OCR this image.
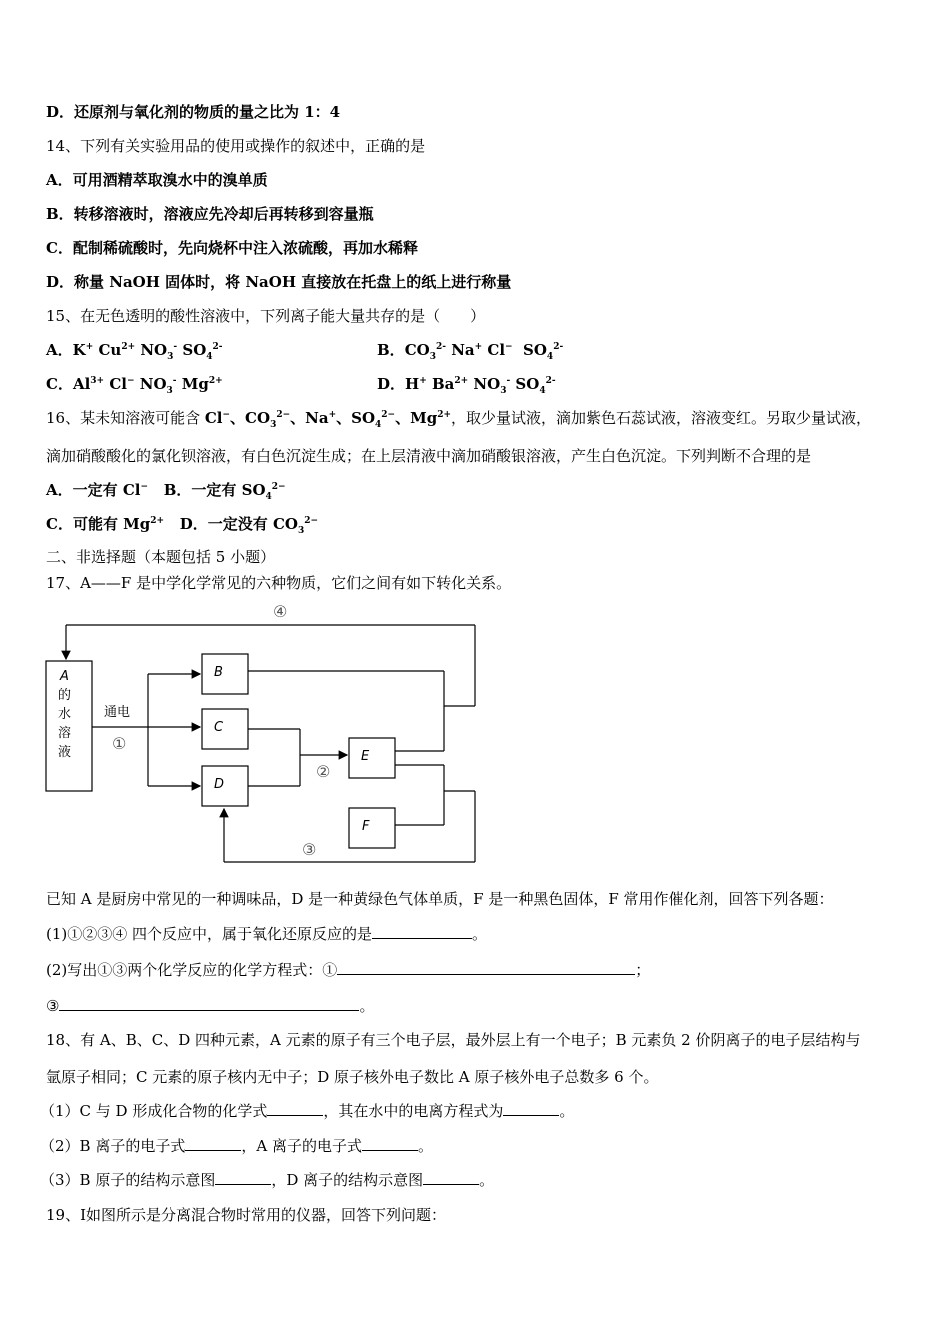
D．还原剂与氧化剂的物质的量之比为 1：4
14、下列有关实验用品的使用或操作的叙述中，正确的是
A．可用酒精萃取溴水中的溴单质
B．转移溶液时，溶液应先冷却后再转移到容量瓶
C．配制稀硫酸时，先向烧杯中注入浓硫酸，再加水稀释
D．称量 NaOH 固体时，将 NaOH 直接放在托盘上的纸上进行称量
15、在无色透明的酸性溶液中，下列离子能大量共存的是（　　）
A．K+ $Cu^{2+}$ $NO_3^-$ $SO_4^{2-}$	B．$CO_3^{2-}$ Na+ Cl−  $SO_4^{2-}$
C．$Al^{3+}$ Cl− $NO_3^-$ $Mg^{2+}$	D．H+ $Ba^{2+}$ $NO_3^-$ $SO_4^{2-}$
16、某未知溶液可能含 Cl−、$CO_3^{2-}$、Na+、$SO_4^{2-}$、$Mg^{2+}$，取少量试液，滴加紫色石蕊试液，溶液变红。另取少量试液，
滴加硝酸酸化的氯化钡溶液，有白色沉淀生成；在上层清液中滴加硝酸银溶液，产生白色沉淀。下列判断不合理的是
A．一定有 Cl− B．一定有 $SO_4^{2-}$
C．可能有 $Mg^{2+}$ D．一定没有 $CO_3^{2-}$
二、非选择题（本题包括 5 小题）
17、A——F 是中学化学常见的六种物质，它们之间有如下转化关系。
A
的
水
溶
液
B
C
D
E
F
通电
①
②
③
④
已知 A 是厨房中常见的一种调味品，D 是一种黄绿色气体单质，F 是一种黑色固体，F 常用作催化剂，回答下列各题：
(1)①②③④ 四个反应中，属于氧化还原反应的是	。
(2)写出①③两个化学反应的化学方程式：①	；
③	。
18、有 A、B、C、D 四种元素，A 元素的原子有三个电子层，最外层上有一个电子；B 元素负 2 价阴离子的电子层结构与
氩原子相同；C 元素的原子核内无中子；D 原子核外电子数比 A 原子核外电子总数多 6 个。
（1）C 与 D 形成化合物的化学式	，其在水中的电离方程式为	。
（2）B 离子的电子式	，A 离子的电子式	。
（3）B 原子的结构示意图	，D 离子的结构示意图	。
19、Ⅰ如图所示是分离混合物时常用的仪器，回答下列问题：
